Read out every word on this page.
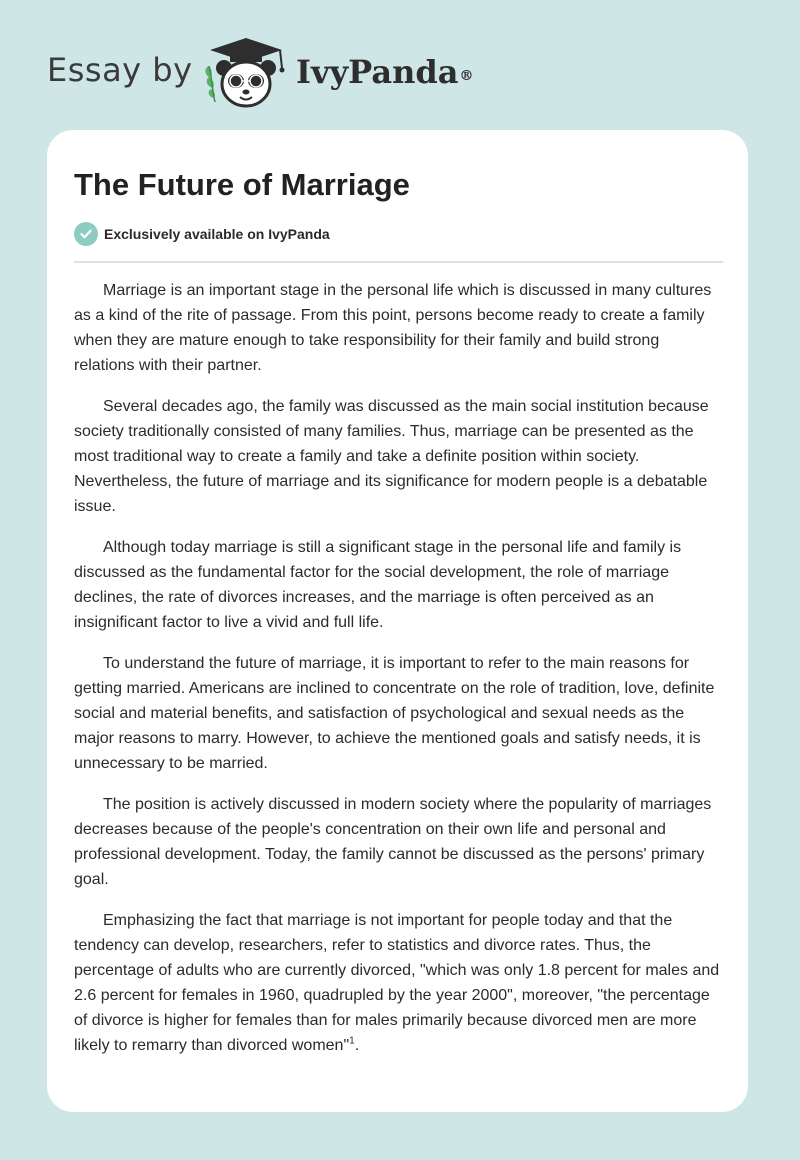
Essay by	IvyPanda®
The Future of Marriage
Exclusively available on IvyPanda

Marriage is an important stage in the personal life which is discussed in many cultures as a kind of the rite of passage. From this point, persons become ready to create a family when they are mature enough to take responsibility for their family and build strong relations with their partner.

Several decades ago, the family was discussed as the main social institution because society traditionally consisted of many families. Thus, marriage can be presented as the most traditional way to create a family and take a definite position within society. Nevertheless, the future of marriage and its significance for modern people is a debatable issue.

Although today marriage is still a significant stage in the personal life and family is discussed as the fundamental factor for the social development, the role of marriage declines, the rate of divorces increases, and the marriage is often perceived as an insignificant factor to live a vivid and full life.

To understand the future of marriage, it is important to refer to the main reasons for getting married. Americans are inclined to concentrate on the role of tradition, love, definite social and material benefits, and satisfaction of psychological and sexual needs as the major reasons to marry. However, to achieve the mentioned goals and satisfy needs, it is unnecessary to be married.

The position is actively discussed in modern society where the popularity of marriages decreases because of the people's concentration on their own life and personal and professional development. Today, the family cannot be discussed as the persons' primary goal.

Emphasizing the fact that marriage is not important for people today and that the tendency can develop, researchers, refer to statistics and divorce rates. Thus, the percentage of adults who are currently divorced, "which was only 1.8 percent for males and 2.6 percent for females in 1960, quadrupled by the year 2000", moreover, "the percentage of divorce is higher for females than for males primarily because divorced men are more likely to remarry than divorced women"$^1$.
